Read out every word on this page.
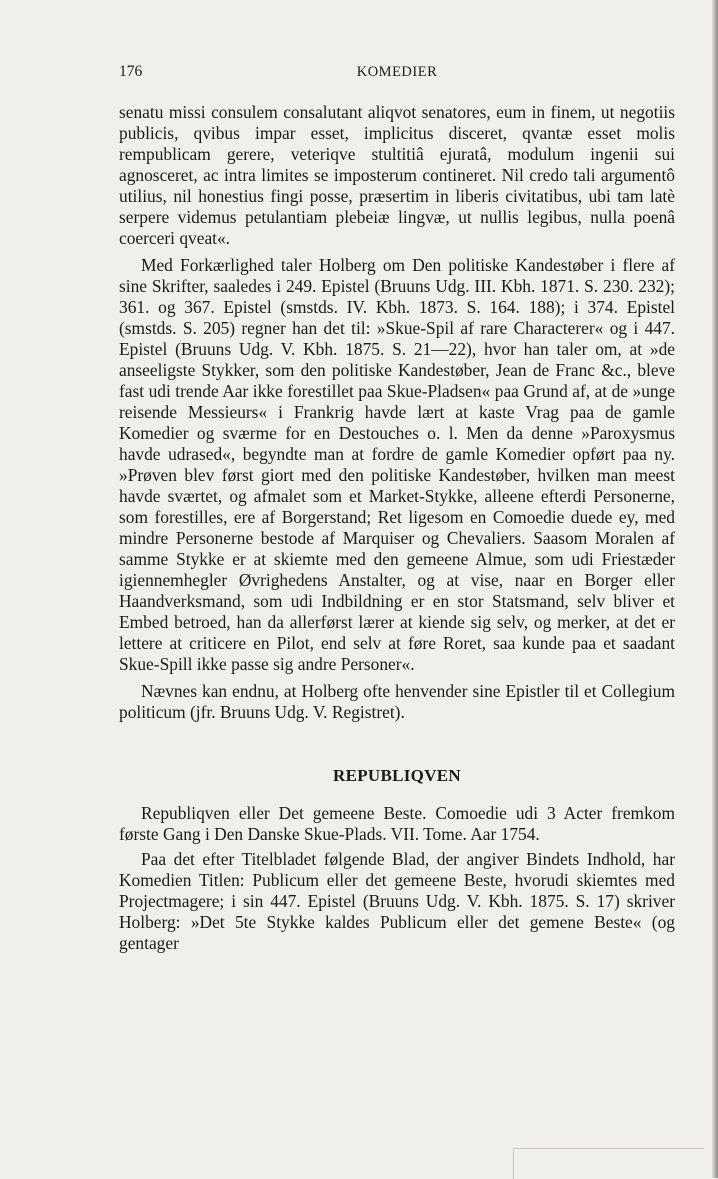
176	KOMEDIER

senatu missi consulem consalutant aliqvot senatores, eum in finem, ut negotiis publicis, qvibus impar esset, implicitus disceret, qvantæ esset molis rempublicam gerere, veteriqve stultitiâ ejuratâ, modulum ingenii sui agnosceret, ac intra limites se imposterum contineret. Nil credo tali argumentô utilius, nil honestius fingi posse, præsertim in liberis civitatibus, ubi tam latè serpere videmus petulantiam plebeiæ lingvæ, ut nullis legibus, nulla poenâ coerceri qveat«.

Med Forkærlighed taler Holberg om Den politiske Kandestøber i flere af sine Skrifter, saaledes i 249. Epistel (Bruuns Udg. III. Kbh. 1871. S. 230. 232); 361. og 367. Epistel (smstds. IV. Kbh. 1873. S. 164. 188); i 374. Epistel (smstds. S. 205) regner han det til: »Skue-Spil af rare Characterer« og i 447. Epistel (Bruuns Udg. V. Kbh. 1875. S. 21—22), hvor han taler om, at »de anseeligste Stykker, som den politiske Kandestøber, Jean de Franc &c., bleve fast udi trende Aar ikke forestillet paa Skue-Pladsen« paa Grund af, at de »unge reisende Messieurs« i Frankrig havde lært at kaste Vrag paa de gamle Komedier og sværme for en Destouches o. l. Men da denne »Paroxysmus havde udrased«, begyndte man at fordre de gamle Komedier opført paa ny. »Prøven blev først giort med den politiske Kandestøber, hvilken man meest havde sværtet, og afmalet som et Market-Stykke, alleene efterdi Personerne, som forestilles, ere af Borgerstand; Ret ligesom en Comoedie duede ey, med mindre Personerne bestode af Marquiser og Chevaliers. Saasom Moralen af samme Stykke er at skiemte med den gemeene Almue, som udi Friestæder igiennemhegler Øvrighedens Anstalter, og at vise, naar en Borger eller Haandverksmand, som udi Indbildning er en stor Statsmand, selv bliver et Embed betroed, han da allerførst lærer at kiende sig selv, og merker, at det er lettere at criticere en Pilot, end selv at føre Roret, saa kunde paa et saadant Skue-Spill ikke passe sig andre Personer«.

Nævnes kan endnu, at Holberg ofte henvender sine Epistler til et Collegium politicum (jfr. Bruuns Udg. V. Registret).

REPUBLIQVEN

Republiqven eller Det gemeene Beste. Comoedie udi 3 Acter fremkom første Gang i Den Danske Skue-Plads. VII. Tome. Aar 1754.

Paa det efter Titelbladet følgende Blad, der angiver Bindets Indhold, har Komedien Titlen: Publicum eller det gemeene Beste, hvorudi skiemtes med Projectmagere; i sin 447. Epistel (Bruuns Udg. V. Kbh. 1875. S. 17) skriver Holberg: »Det 5te Stykke kaldes Publicum eller det gemene Beste« (og gentager
